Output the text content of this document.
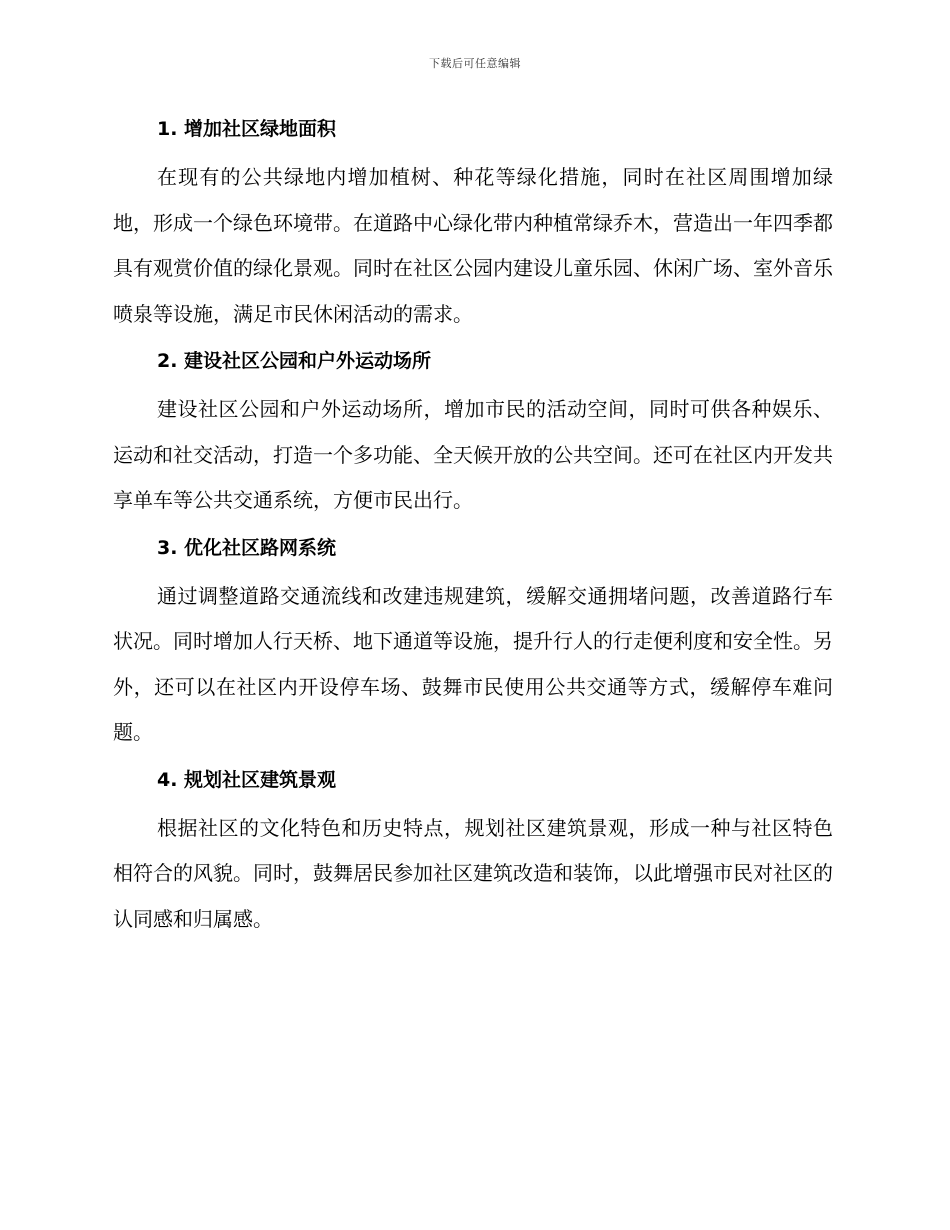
下载后可任意编辑
1. 增加社区绿地面积

在现有的公共绿地内增加植树、种花等绿化措施，同时在社区周围增加绿地，形成一个绿色环境带。在道路中心绿化带内种植常绿乔木，营造出一年四季都具有观赏价值的绿化景观。同时在社区公园内建设儿童乐园、休闲广场、室外音乐喷泉等设施，满足市民休闲活动的需求。

2. 建设社区公园和户外运动场所

建设社区公园和户外运动场所，增加市民的活动空间，同时可供各种娱乐、运动和社交活动，打造一个多功能、全天候开放的公共空间。还可在社区内开发共享单车等公共交通系统，方便市民出行。

3. 优化社区路网系统

通过调整道路交通流线和改建违规建筑，缓解交通拥堵问题，改善道路行车状况。同时增加人行天桥、地下通道等设施，提升行人的行走便利度和安全性。另外，还可以在社区内开设停车场、鼓舞市民使用公共交通等方式，缓解停车难问题。

4. 规划社区建筑景观

根据社区的文化特色和历史特点，规划社区建筑景观，形成一种与社区特色相符合的风貌。同时，鼓舞居民参加社区建筑改造和装饰，以此增强市民对社区的认同感和归属感。
